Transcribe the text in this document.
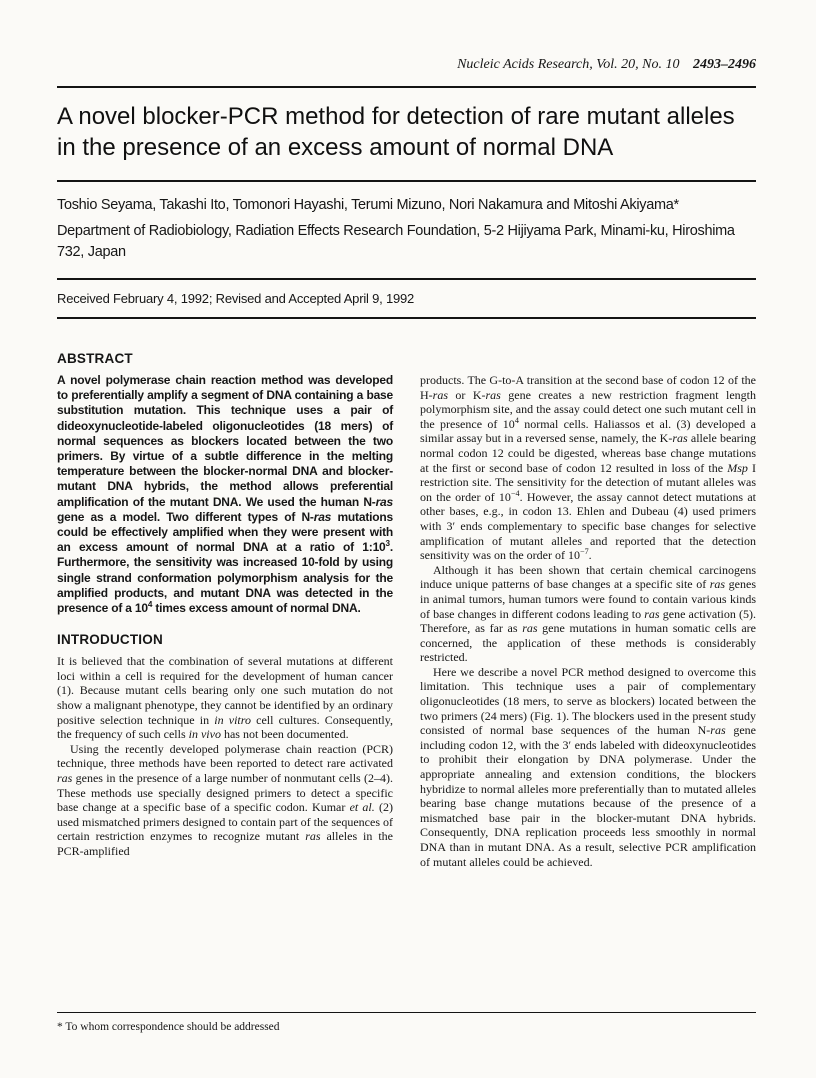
Nucleic Acids Research, Vol. 20, No. 10 2493–2496
A novel blocker-PCR method for detection of rare mutant alleles in the presence of an excess amount of normal DNA
Toshio Seyama, Takashi Ito, Tomonori Hayashi, Terumi Mizuno, Nori Nakamura and Mitoshi Akiyama*
Department of Radiobiology, Radiation Effects Research Foundation, 5-2 Hijiyama Park, Minami-ku, Hiroshima 732, Japan
Received February 4, 1992; Revised and Accepted April 9, 1992
ABSTRACT

A novel polymerase chain reaction method was developed to preferentially amplify a segment of DNA containing a base substitution mutation. This technique uses a pair of dideoxynucleotide-labeled oligonucleotides (18 mers) of normal sequences as blockers located between the two primers. By virtue of a subtle difference in the melting temperature between the blocker-normal DNA and blocker-mutant DNA hybrids, the method allows preferential amplification of the mutant DNA. We used the human N-ras gene as a model. Two different types of N-ras mutations could be effectively amplified when they were present with an excess amount of normal DNA at a ratio of $1:10^3$. Furthermore, the sensitivity was increased 10-fold by using single strand conformation polymorphism analysis for the amplified products, and mutant DNA was detected in the presence of a $10^4$ times excess amount of normal DNA.

INTRODUCTION

It is believed that the combination of several mutations at different loci within a cell is required for the development of human cancer (1). Because mutant cells bearing only one such mutation do not show a malignant phenotype, they cannot be identified by an ordinary positive selection technique in in vitro cell cultures. Consequently, the frequency of such cells in vivo has not been documented.

Using the recently developed polymerase chain reaction (PCR) technique, three methods have been reported to detect rare activated ras genes in the presence of a large number of nonmutant cells (2–4). These methods use specially designed primers to detect a specific base change at a specific base of a specific codon. Kumar et al. (2) used mismatched primers designed to contain part of the sequences of certain restriction enzymes to recognize mutant ras alleles in the PCR-amplified

products. The G-to-A transition at the second base of codon 12 of the H-ras or K-ras gene creates a new restriction fragment length polymorphism site, and the assay could detect one such mutant cell in the presence of $10^4$ normal cells. Haliassos et al. (3) developed a similar assay but in a reversed sense, namely, the K-ras allele bearing normal codon 12 could be digested, whereas base change mutations at the first or second base of codon 12 resulted in loss of the Msp I restriction site. The sensitivity for the detection of mutant alleles was on the order of $10^{-4}$. However, the assay cannot detect mutations at other bases, e.g., in codon 13. Ehlen and Dubeau (4) used primers with 3′ ends complementary to specific base changes for selective amplification of mutant alleles and reported that the detection sensitivity was on the order of $10^{-7}$.

Although it has been shown that certain chemical carcinogens induce unique patterns of base changes at a specific site of ras genes in animal tumors, human tumors were found to contain various kinds of base changes in different codons leading to ras gene activation (5). Therefore, as far as ras gene mutations in human somatic cells are concerned, the application of these methods is considerably restricted.

Here we describe a novel PCR method designed to overcome this limitation. This technique uses a pair of complementary oligonucleotides (18 mers, to serve as blockers) located between the two primers (24 mers) (Fig. 1). The blockers used in the present study consisted of normal base sequences of the human N-ras gene including codon 12, with the 3′ ends labeled with dideoxynucleotides to prohibit their elongation by DNA polymerase. Under the appropriate annealing and extension conditions, the blockers hybridize to normal alleles more preferentially than to mutated alleles bearing base change mutations because of the presence of a mismatched base pair in the blocker-mutant DNA hybrids. Consequently, DNA replication proceeds less smoothly in normal DNA than in mutant DNA. As a result, selective PCR amplification of mutant alleles could be achieved.

* To whom correspondence should be addressed
